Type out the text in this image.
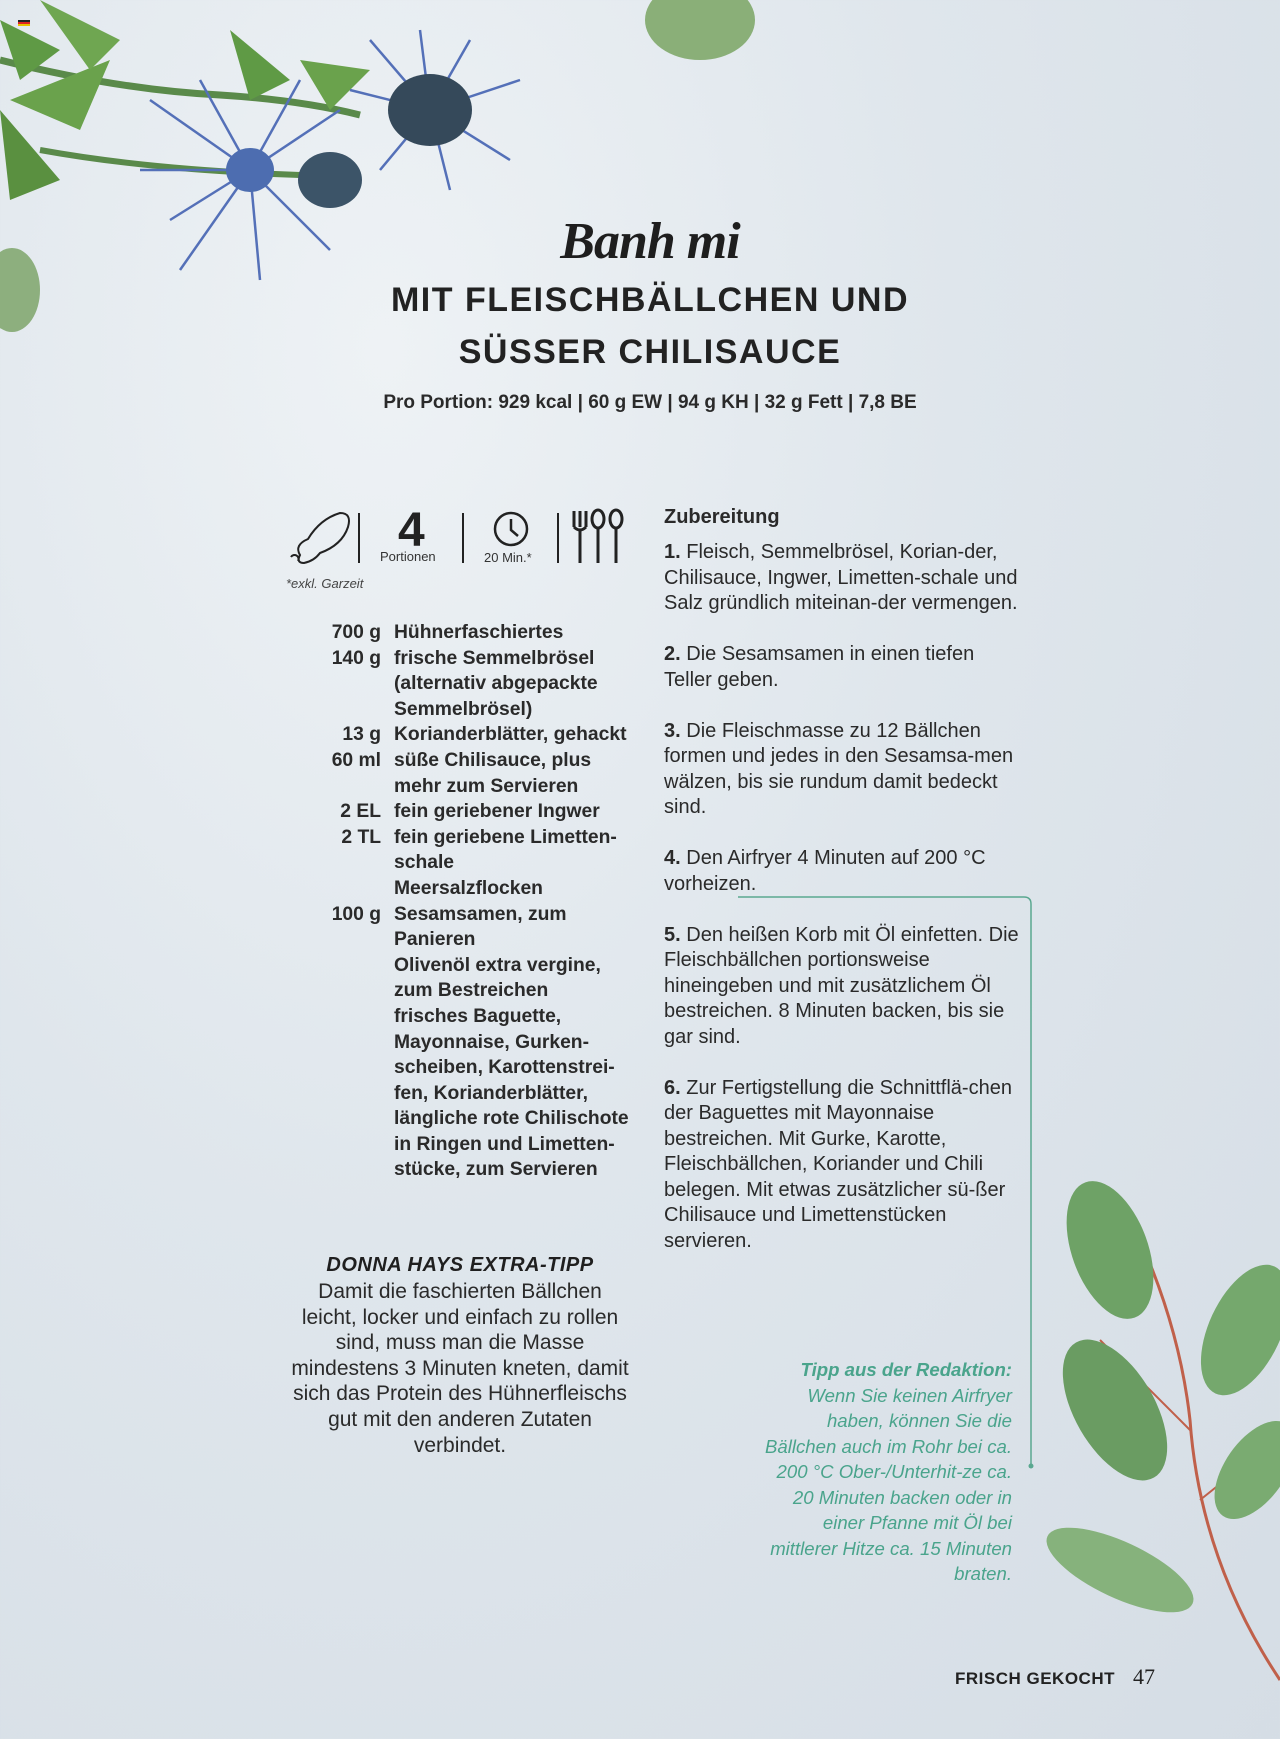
Banh mi
MIT FLEISCHBÄLLCHEN UND
SÜSSER CHILISAUCE
Pro Portion: 929 kcal | 60 g EW | 94 g KH | 32 g Fett | 7,8 BE
4
Portionen	20 Min.*
*exkl. Garzeit
700 g Hühnerfaschiertes
140 g frische Semmelbrösel (alternativ abgepackte Semmelbrösel)
13 g Korianderblätter, gehackt
60 ml süße Chilisauce, plus mehr zum Servieren
2 EL fein geriebener Ingwer
2 TL fein geriebene Limetten-schale
Meersalzflocken
100 g Sesamsamen, zum Panieren
Olivenöl extra vergine, zum Bestreichen
frisches Baguette, Mayonnaise, Gurken-scheiben, Karottenstrei-fen, Korianderblätter, längliche rote Chilischote in Ringen und Limetten-stücke, zum Servieren
DONNA HAYS EXTRA-TIPP
Damit die faschierten Bällchen leicht, locker und einfach zu rollen sind, muss man die Masse mindestens 3 Minuten kneten, damit sich das Protein des Hühnerfleischs gut mit den anderen Zutaten verbindet.
Zubereitung
1. Fleisch, Semmelbrösel, Korian-der, Chilisauce, Ingwer, Limetten-schale und Salz gründlich miteinan-der vermengen.
2. Die Sesamsamen in einen tiefen Teller geben.
3. Die Fleischmasse zu 12 Bällchen formen und jedes in den Sesamsa-men wälzen, bis sie rundum damit bedeckt sind.
4. Den Airfryer 4 Minuten auf 200 °C vorheizen.
5. Den heißen Korb mit Öl einfetten. Die Fleischbällchen portionsweise hineingeben und mit zusätzlichem Öl bestreichen. 8 Minuten backen, bis sie gar sind.
6. Zur Fertigstellung die Schnittflä-chen der Baguettes mit Mayonnaise bestreichen. Mit Gurke, Karotte, Fleischbällchen, Koriander und Chili belegen. Mit etwas zusätzlicher sü-ßer Chilisauce und Limettenstücken servieren.
Tipp aus der Redaktion:
Wenn Sie keinen Airfryer haben, können Sie die Bällchen auch im Rohr bei ca. 200 °C Ober-/Unterhit-ze ca. 20 Minuten backen oder in einer Pfanne mit Öl bei mittlerer Hitze ca. 15 Minuten braten.
FRISCH GEKOCHT 47
